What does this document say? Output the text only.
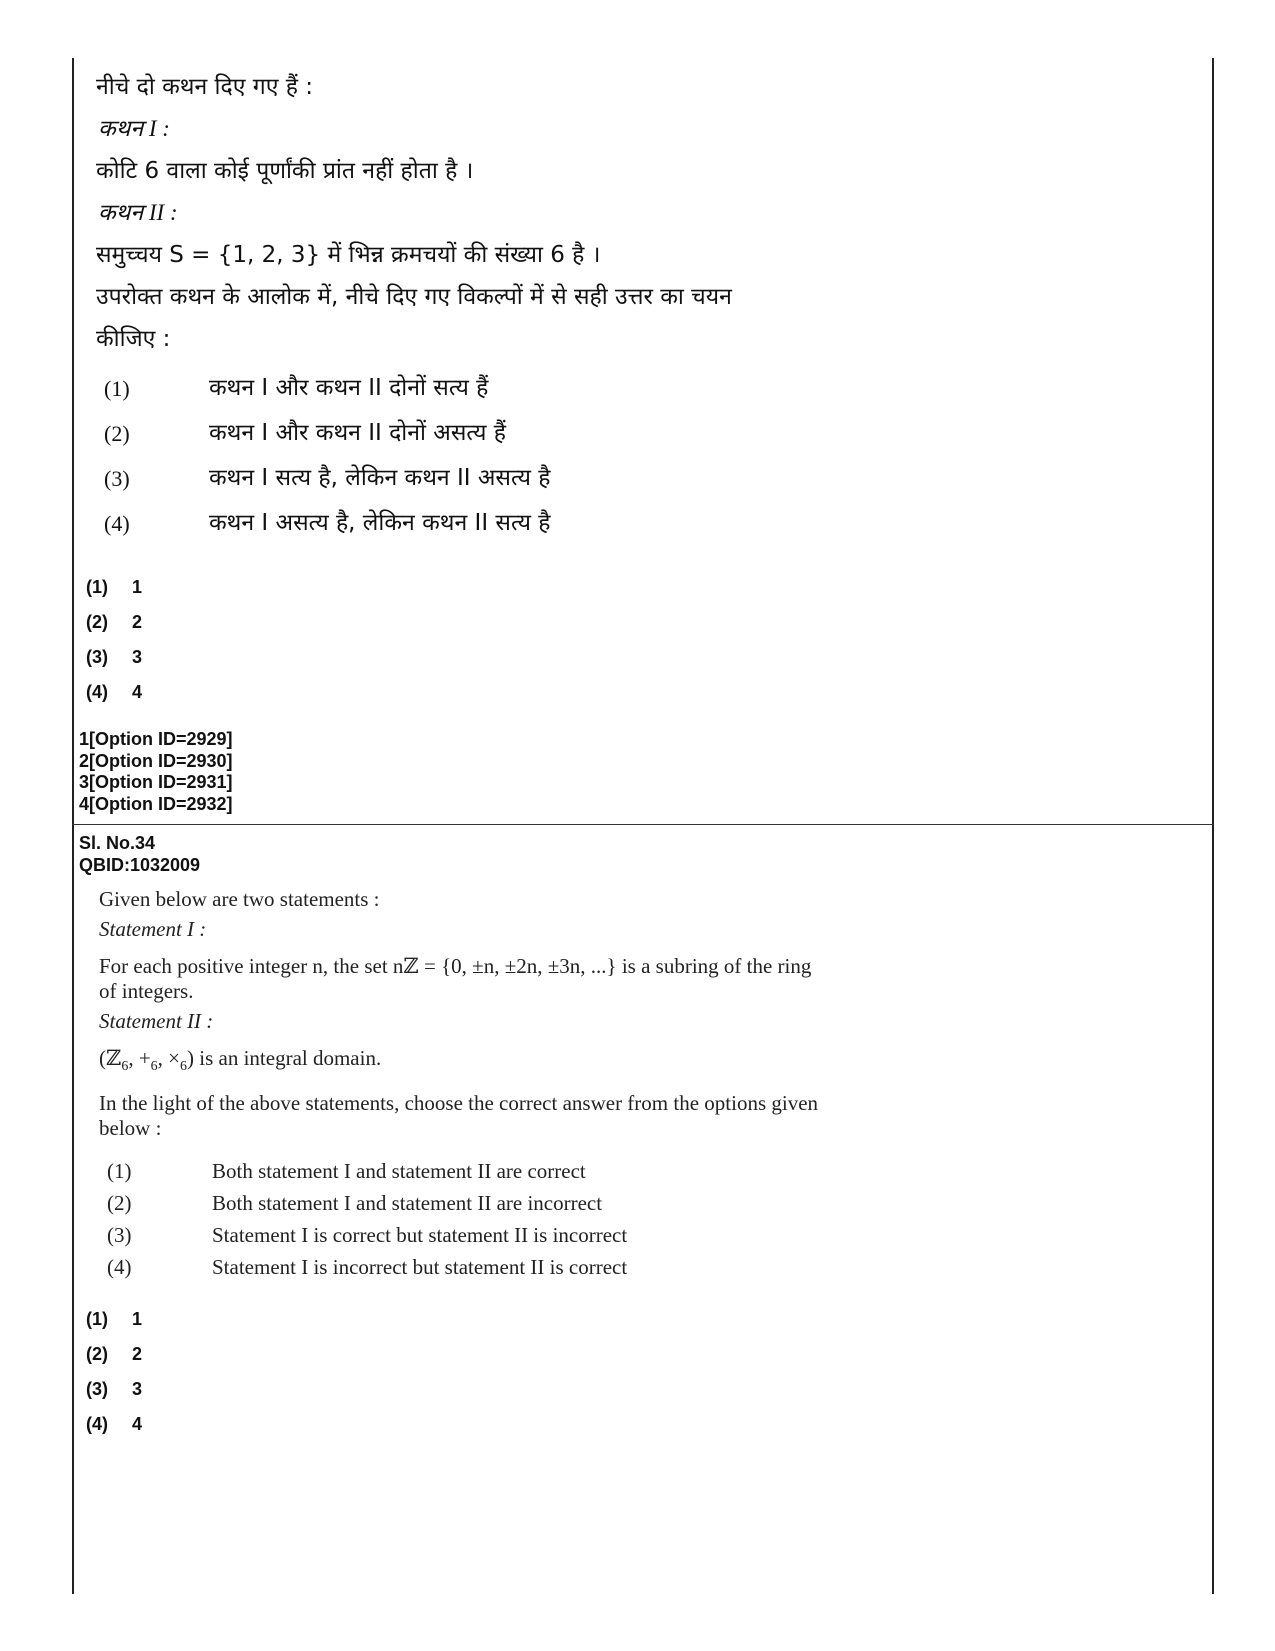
नीचे दो कथन दिए गए हैं :
कथन I :
कोटि 6 वाला कोई पूर्णांकी प्रांत नहीं होता है ।
कथन II :
समुच्चय S = {1, 2, 3} में भिन्न क्रमचयों की संख्या 6 है ।
उपरोक्त कथन के आलोक में, नीचे दिए गए विकल्पों में से सही उत्तर का चयन
कीजिए :
(1)	कथन I और कथन II दोनों सत्य हैं
(2)	कथन I और कथन II दोनों असत्य हैं
(3)	कथन I सत्य है, लेकिन कथन II असत्य है
(4)	कथन I असत्य है, लेकिन कथन II सत्य है
(1) 1
(2) 2
(3) 3
(4) 4
1[Option ID=2929]
2[Option ID=2930]
3[Option ID=2931]
4[Option ID=2932]
Sl. No.34
QBID:1032009
Given below are two statements :
Statement I :
For each positive integer n, the set nℤ = {0, ±n, ±2n, ±3n, ...} is a subring of the ring
of integers.
Statement II :
(ℤ$_6$, $+_6$, $\times_6$) is an integral domain.
In the light of the above statements, choose the correct answer from the options given
below :
(1)	Both statement I and statement II are correct
(2)	Both statement I and statement II are incorrect
(3)	Statement I is correct but statement II is incorrect
(4)	Statement I is incorrect but statement II is correct
(1) 1
(2) 2
(3) 3
(4) 4
